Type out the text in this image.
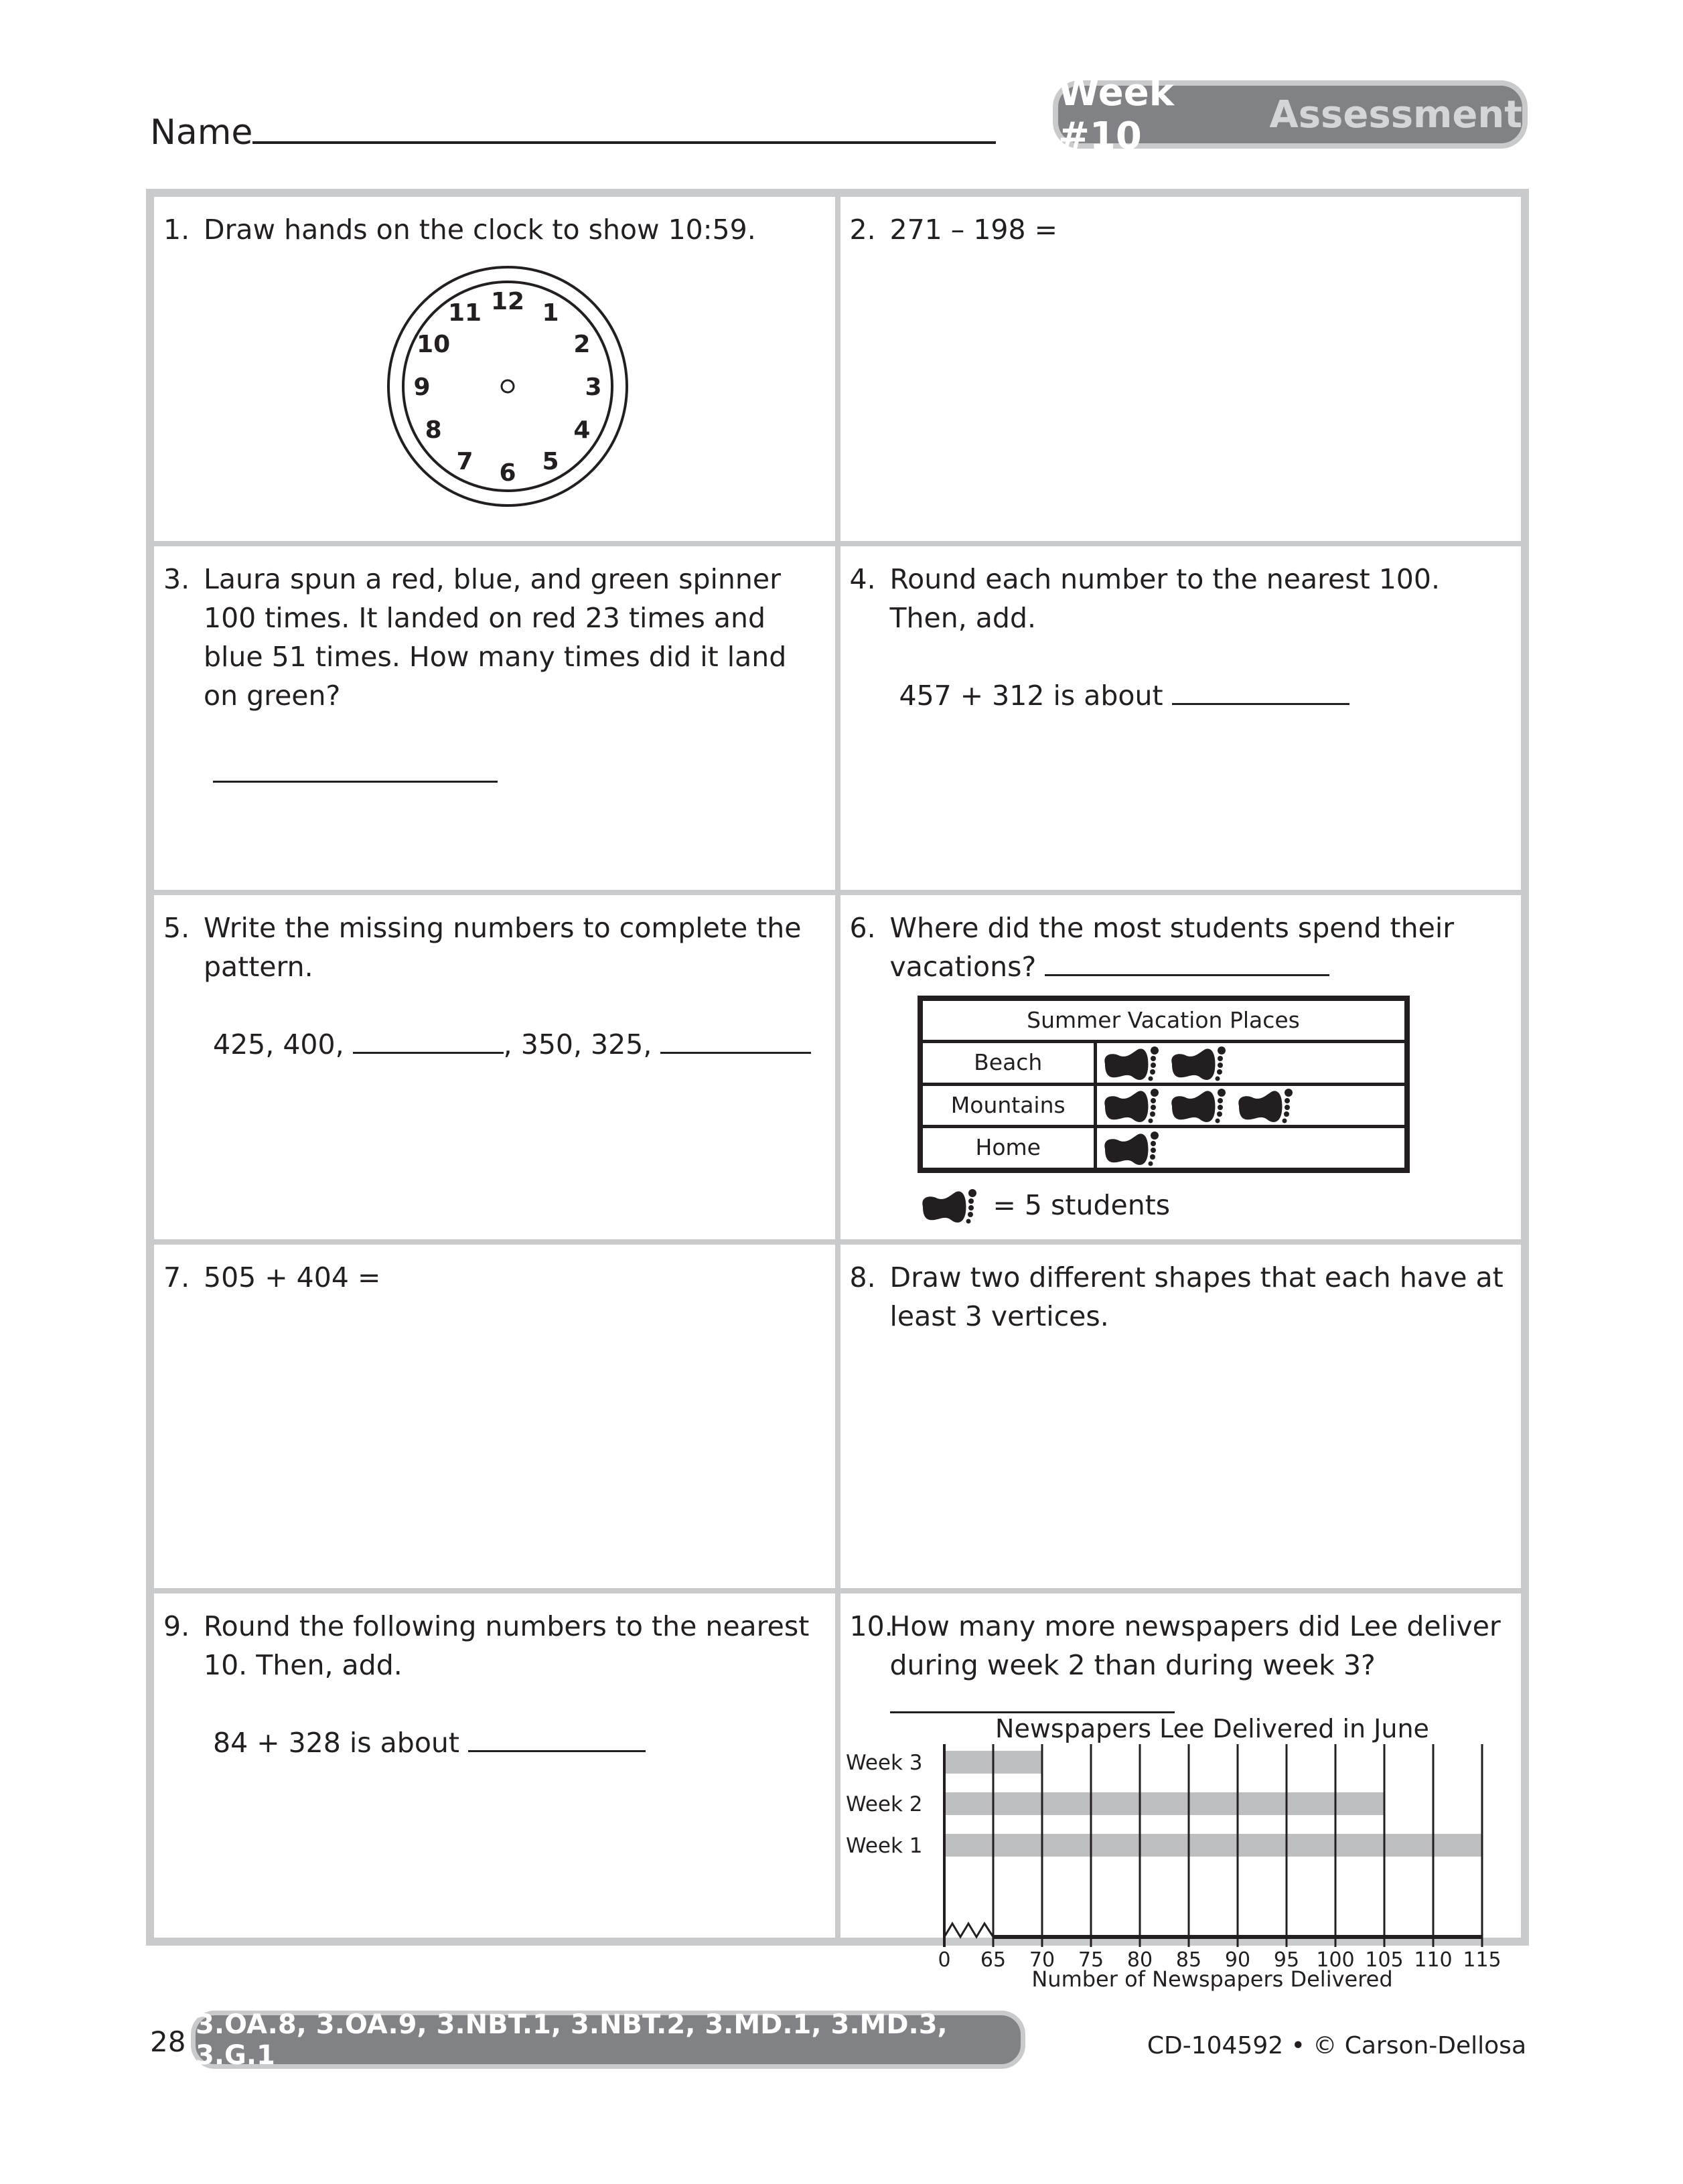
Name
Week #10	Assessment
1. Draw hands on the clock to show 10:59.
12 1
2
3
4
5
6
7
8
9
10
11
2. 271 – 198 =
3. Laura spun a red, blue, and green spinner 100 times. It landed on red 23 times and blue 51 times. How many times did it land on green?
4. Round each number to the nearest 100. Then, add.
457 + 312 is about
5. Write the missing numbers to complete the pattern.
425, 400,	, 350, 325,
6. Where did the most students spend their vacations?
Summer Vacation Places	
Beach	
Mountains	
Home	

= 5 students
7. 505 + 404 =	8. Draw two different shapes that each have at least 3 vertices.
9. Round the following numbers to the nearest 10. Then, add.
84 + 328 is about
10.
How many more newspapers did Lee deliver during week 2 than during week 3?
Newspapers Lee Delivered in June
Week 3
Week 2
Week 1
0 65 70 75 80 85 90 95 100 105 110 115
Number of Newspapers Delivered
28
3.OA.8, 3.OA.9, 3.NBT.1, 3.NBT.2, 3.MD.1, 3.MD.3, 3.G.1	CD-104592 • © Carson-Dellosa
